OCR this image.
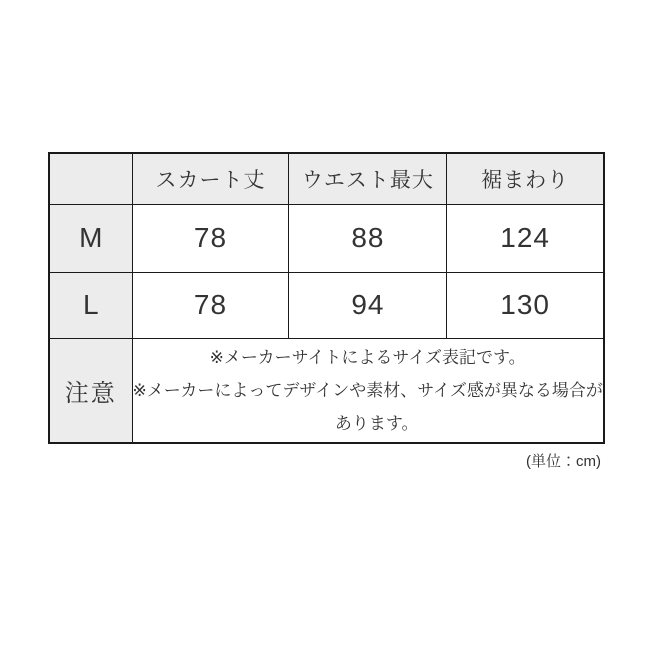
	スカート丈	ウエスト最大	裾まわり
M	78	88	124
L	78	94	130
注意	※メーカーサイトによるサイズ表記です。
※メーカーによってデザインや素材、サイズ感が異なる場合が
あります。		
(単位：cm)
